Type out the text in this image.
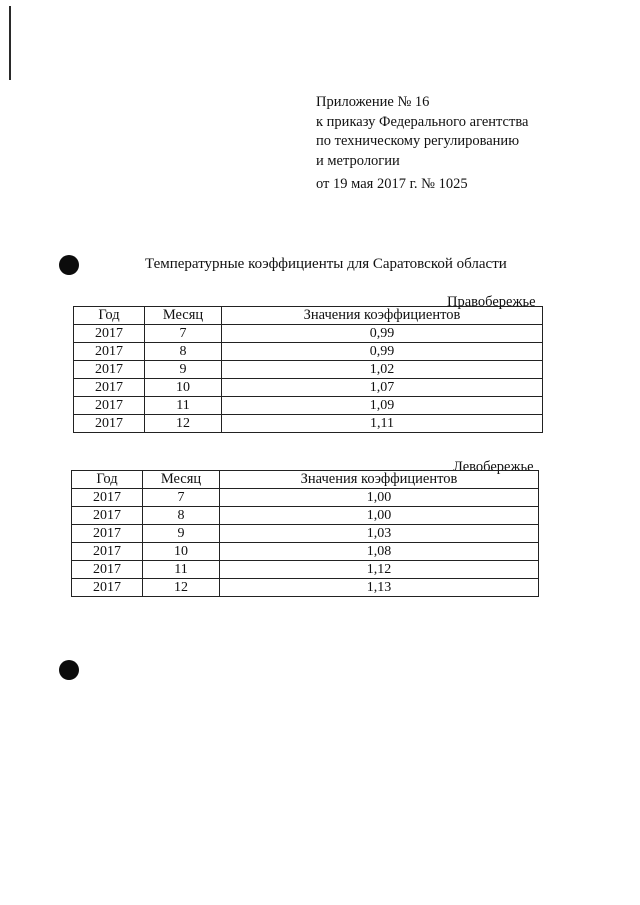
Приложение № 16
к приказу Федерального агентства
по техническому регулированию
и метрологии
от 19 мая 2017 г. № 1025
Температурные коэффициенты для Саратовской области
Правобережье
Год	Месяц	Значения коэффициентов
2017	7	0,99
2017	8	0,99
2017	9	1,02
2017	10	1,07
2017	11	1,09
2017	12	1,11
Левобережье
Год	Месяц	Значения коэффициентов
2017	7	1,00
2017	8	1,00
2017	9	1,03
2017	10	1,08
2017	11	1,12
2017	12	1,13
